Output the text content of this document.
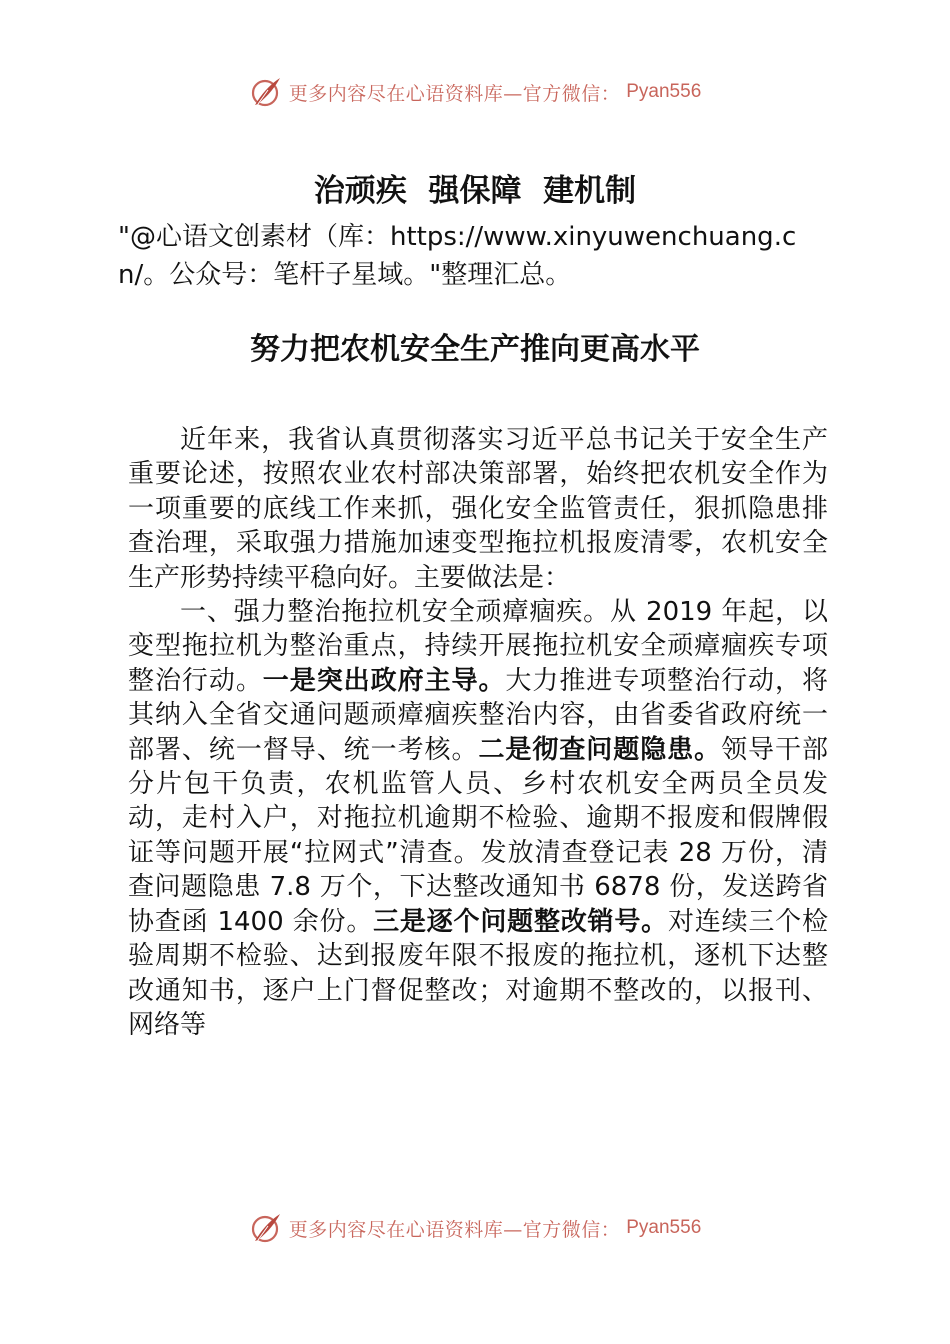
更多内容尽在心语资料库—官方微信： Pyan556
治顽疾  强保障  建机制

"@心语文创素材（库：https://www.xinyuwenchuang.cn/。公众号：笔杆子星域。"整理汇总。

努力把农机安全生产推向更高水平

近年来，我省认真贯彻落实习近平总书记关于安全生产重要论述，按照农业农村部决策部署，始终把农机安全作为一项重要的底线工作来抓，强化安全监管责任，狠抓隐患排查治理，采取强力措施加速变型拖拉机报废清零，农机安全生产形势持续平稳向好。主要做法是：

一、强力整治拖拉机安全顽瘴痼疾。从 2019 年起，以变型拖拉机为整治重点，持续开展拖拉机安全顽瘴痼疾专项整治行动。一是突出政府主导。大力推进专项整治行动，将其纳入全省交通问题顽瘴痼疾整治内容，由省委省政府统一部署、统一督导、统一考核。二是彻查问题隐患。领导干部分片包干负责，农机监管人员、乡村农机安全两员全员发动，走村入户，对拖拉机逾期不检验、逾期不报废和假牌假证等问题开展“拉网式”清查。发放清查登记表 28 万份，清查问题隐患 7.8 万个，下达整改通知书 6878 份，发送跨省协查函 1400 余份。三是逐个问题整改销号。对连续三个检验周期不检验、达到报废年限不报废的拖拉机，逐机下达整改通知书，逐户上门督促整改；对逾期不整改的，以报刊、网络等

更多内容尽在心语资料库—官方微信： Pyan556
